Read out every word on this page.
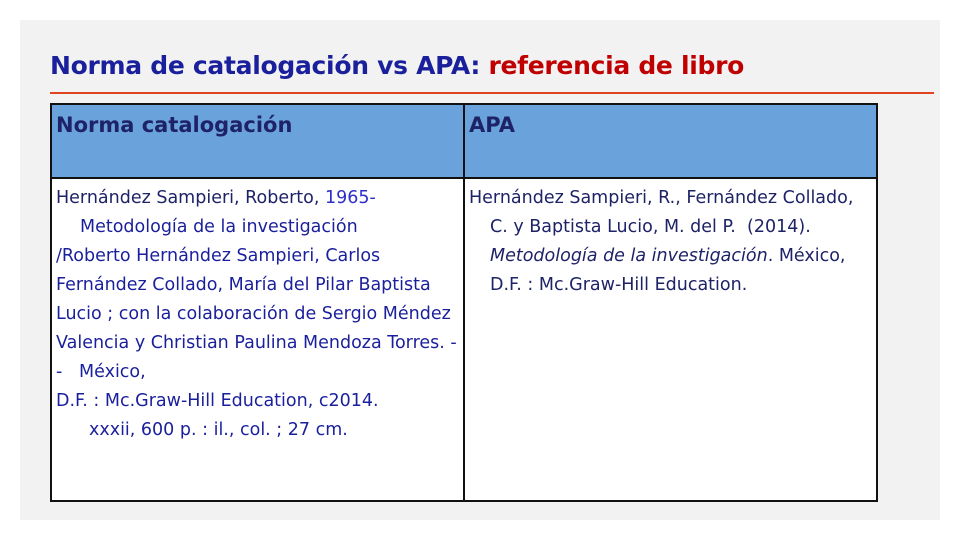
Norma de catalogación vs APA: referencia de libro
Norma catalogación	APA

Hernández Sampieri, Roberto, 1965-
Metodología de la investigación
/Roberto Hernández Sampieri, Carlos Fernández Collado, María del Pilar Baptista Lucio ; con la colaboración de Sergio Méndez Valencia y Christian Paulina Mendoza Torres. -- México,
D.F. : Mc.Graw-Hill Education, c2014.
xxxii, 600 p. : il., col. ; 27 cm.	Hernández Sampieri, R., Fernández Collado, C. y Baptista Lucio, M. del P. (2014).  Metodología de la investigación. México, D.F. : Mc.Graw-Hill Education.
